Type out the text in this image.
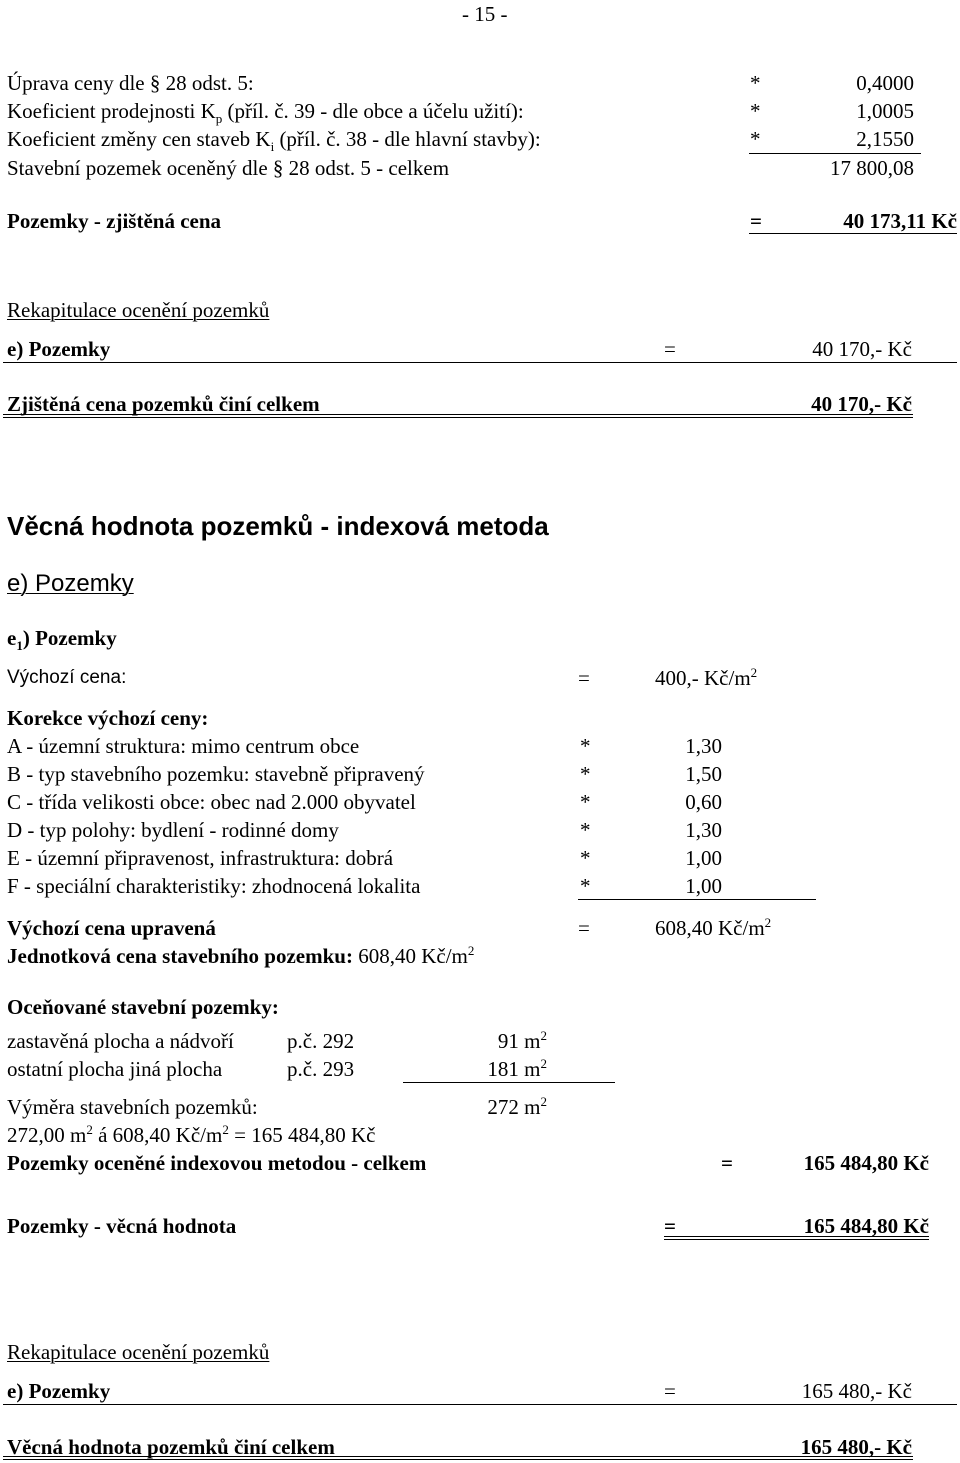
- 15 -
Úprava ceny dle § 28 odst. 5:	*	0,4000
Koeficient prodejnosti $K_p$ (příl. č. 39 - dle obce a účelu užití):	*	1,0005
Koeficient změny cen staveb $K_i$ (příl. č. 38 - dle hlavní stavby):	*	2,1550
Stavební pozemek oceněný dle § 28 odst. 5 - celkem	17 800,08
Pozemky - zjištěná cena	=	40 173,11 Kč
Rekapitulace ocenění pozemků
e) Pozemky	=	40 170,- Kč
Zjištěná cena pozemků činí celkem	40 170,- Kč
Věcná hodnota pozemků - indexová metoda
e) Pozemky
$e_1$) Pozemky
Výchozí cena:	=	400,- $Kč/m^2$
Korekce výchozí ceny:
A - územní struktura: mimo centrum obce	*	1,30
B - typ stavebního pozemku: stavebně připravený	*	1,50
C - třída velikosti obce: obec nad 2.000 obyvatel	*	0,60
D - typ polohy: bydlení - rodinné domy	*	1,30
E - územní připravenost, infrastruktura: dobrá	*	1,00
F - speciální charakteristiky: zhodnocená lokalita	*	1,00
Výchozí cena upravená	=	608,40 $Kč/m^2$
Jednotková cena stavebního pozemku: 608,40 $Kč/m^2$
Oceňované stavební pozemky:
zastavěná plocha a nádvoří	p.č. 292	91 $m^2$
ostatní plocha jiná plocha	p.č. 293	181 $m^2$
Výměra stavebních pozemků:	272 $m^2$
272,00 $m^2$ á 608,40 $Kč/m^2 = 165$ 484,80 Kč
Pozemky oceněné indexovou metodou - celkem	=	165 484,80 Kč
Pozemky - věcná hodnota	=	165 484,80 Kč
Rekapitulace ocenění pozemků
e) Pozemky	=	165 480,- Kč
Věcná hodnota pozemků činí celkem	165 480,- Kč
